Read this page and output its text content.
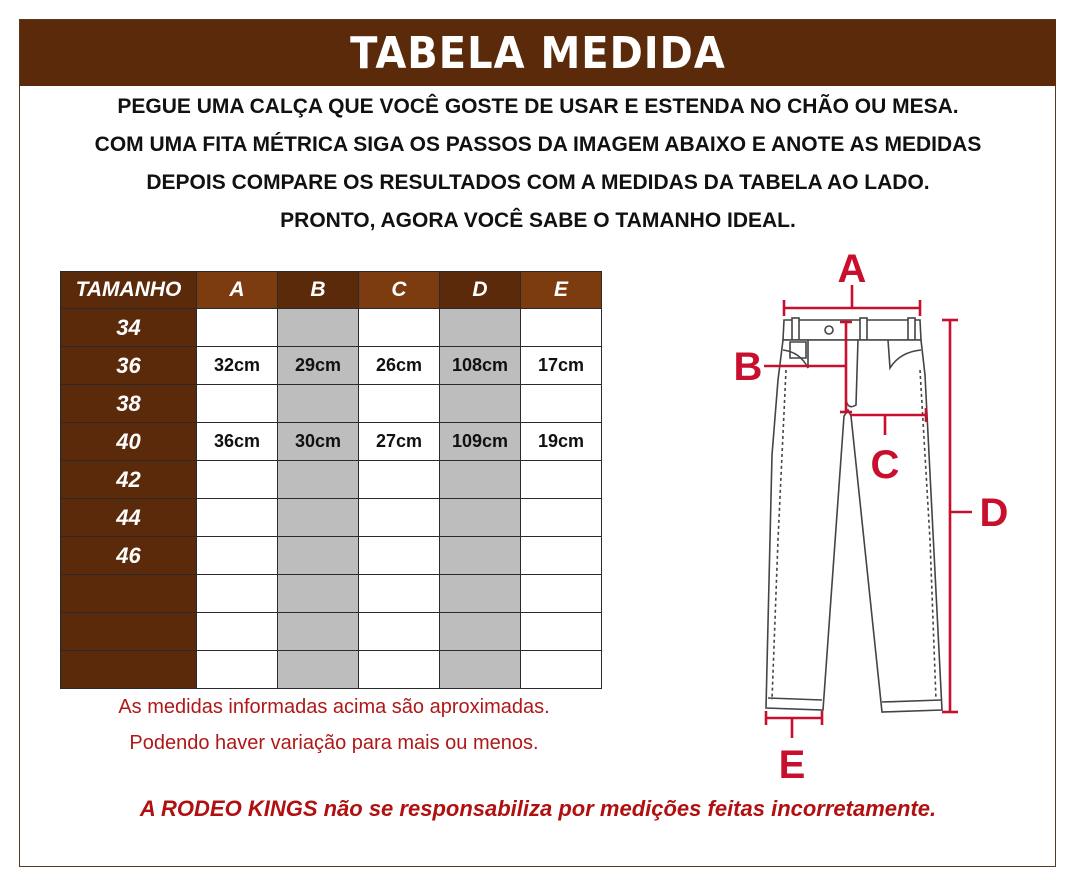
TABELA MEDIDA
PEGUE UMA CALÇA QUE VOCÊ GOSTE DE USAR E ESTENDA NO CHÃO OU MESA.
COM UMA FITA MÉTRICA SIGA OS PASSOS DA IMAGEM ABAIXO E ANOTE AS MEDIDAS
DEPOIS COMPARE OS RESULTADOS COM A MEDIDAS DA TABELA AO LADO.
PRONTO, AGORA VOCÊ SABE O TAMANHO IDEAL.
TAMANHO	A	B	C	D	E
34					
36	32cm	29cm	26cm	108cm	17cm
38					
40	36cm	30cm	27cm	109cm	19cm
42					
44					
46					

As medidas informadas acima são aproximadas.
Podendo haver variação para mais ou menos.
A RODEO KINGS não se responsabiliza por medições feitas incorretamente.
A
B
C
D
E
